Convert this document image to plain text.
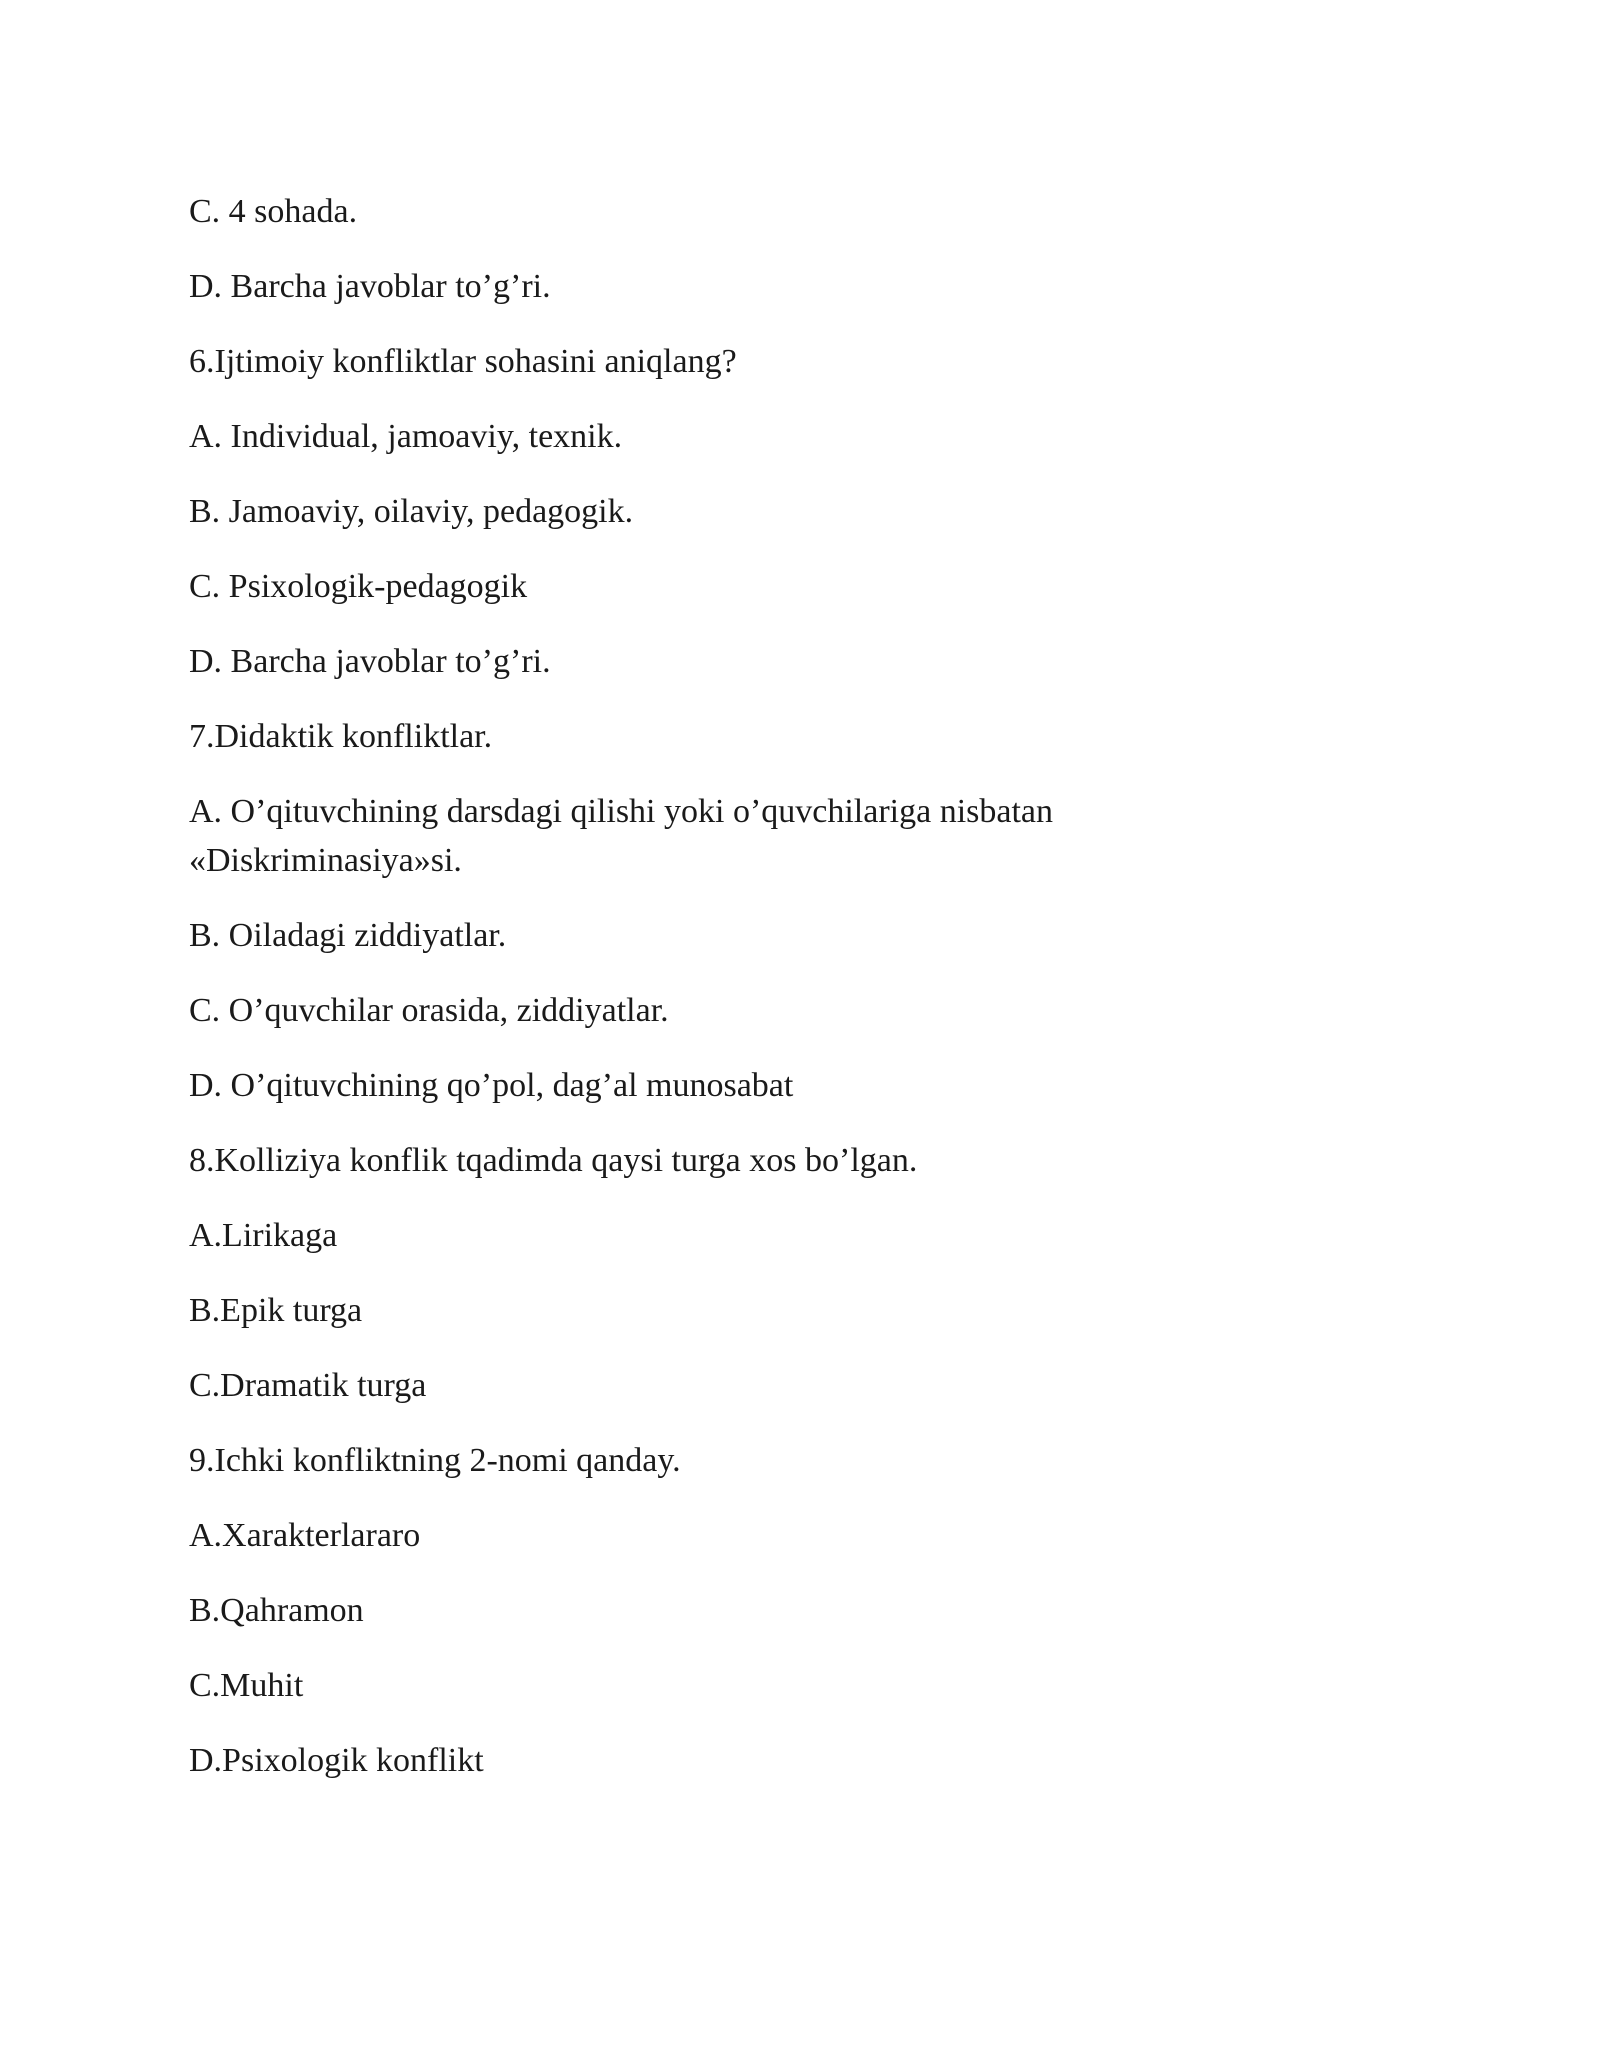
C. 4 sohada.

D. Barcha javoblar to’g’ri.

6.Ijtimoiy konfliktlar sohasini aniqlang?

A. Individual, jamoaviy, texnik.

B. Jamoaviy, oilaviy, pedagogik.

C. Psixologik-pedagogik

D. Barcha javoblar to’g’ri.

7.Didaktik konfliktlar.

A. O’qituvchining darsdagi qilishi yoki o’quvchilariga nisbatan «Diskriminasiya»si.

B. Oiladagi ziddiyatlar.

C. O’quvchilar orasida, ziddiyatlar.

D. O’qituvchining qo’pol, dag’al munosabat

8.Kolliziya konflik tqadimda qaysi turga xos bo’lgan.

A.Lirikaga

B.Epik turga

C.Dramatik turga

9.Ichki konfliktning 2-nomi qanday.

A.Xarakterlararo

B.Qahramon

C.Muhit

D.Psixologik konflikt
